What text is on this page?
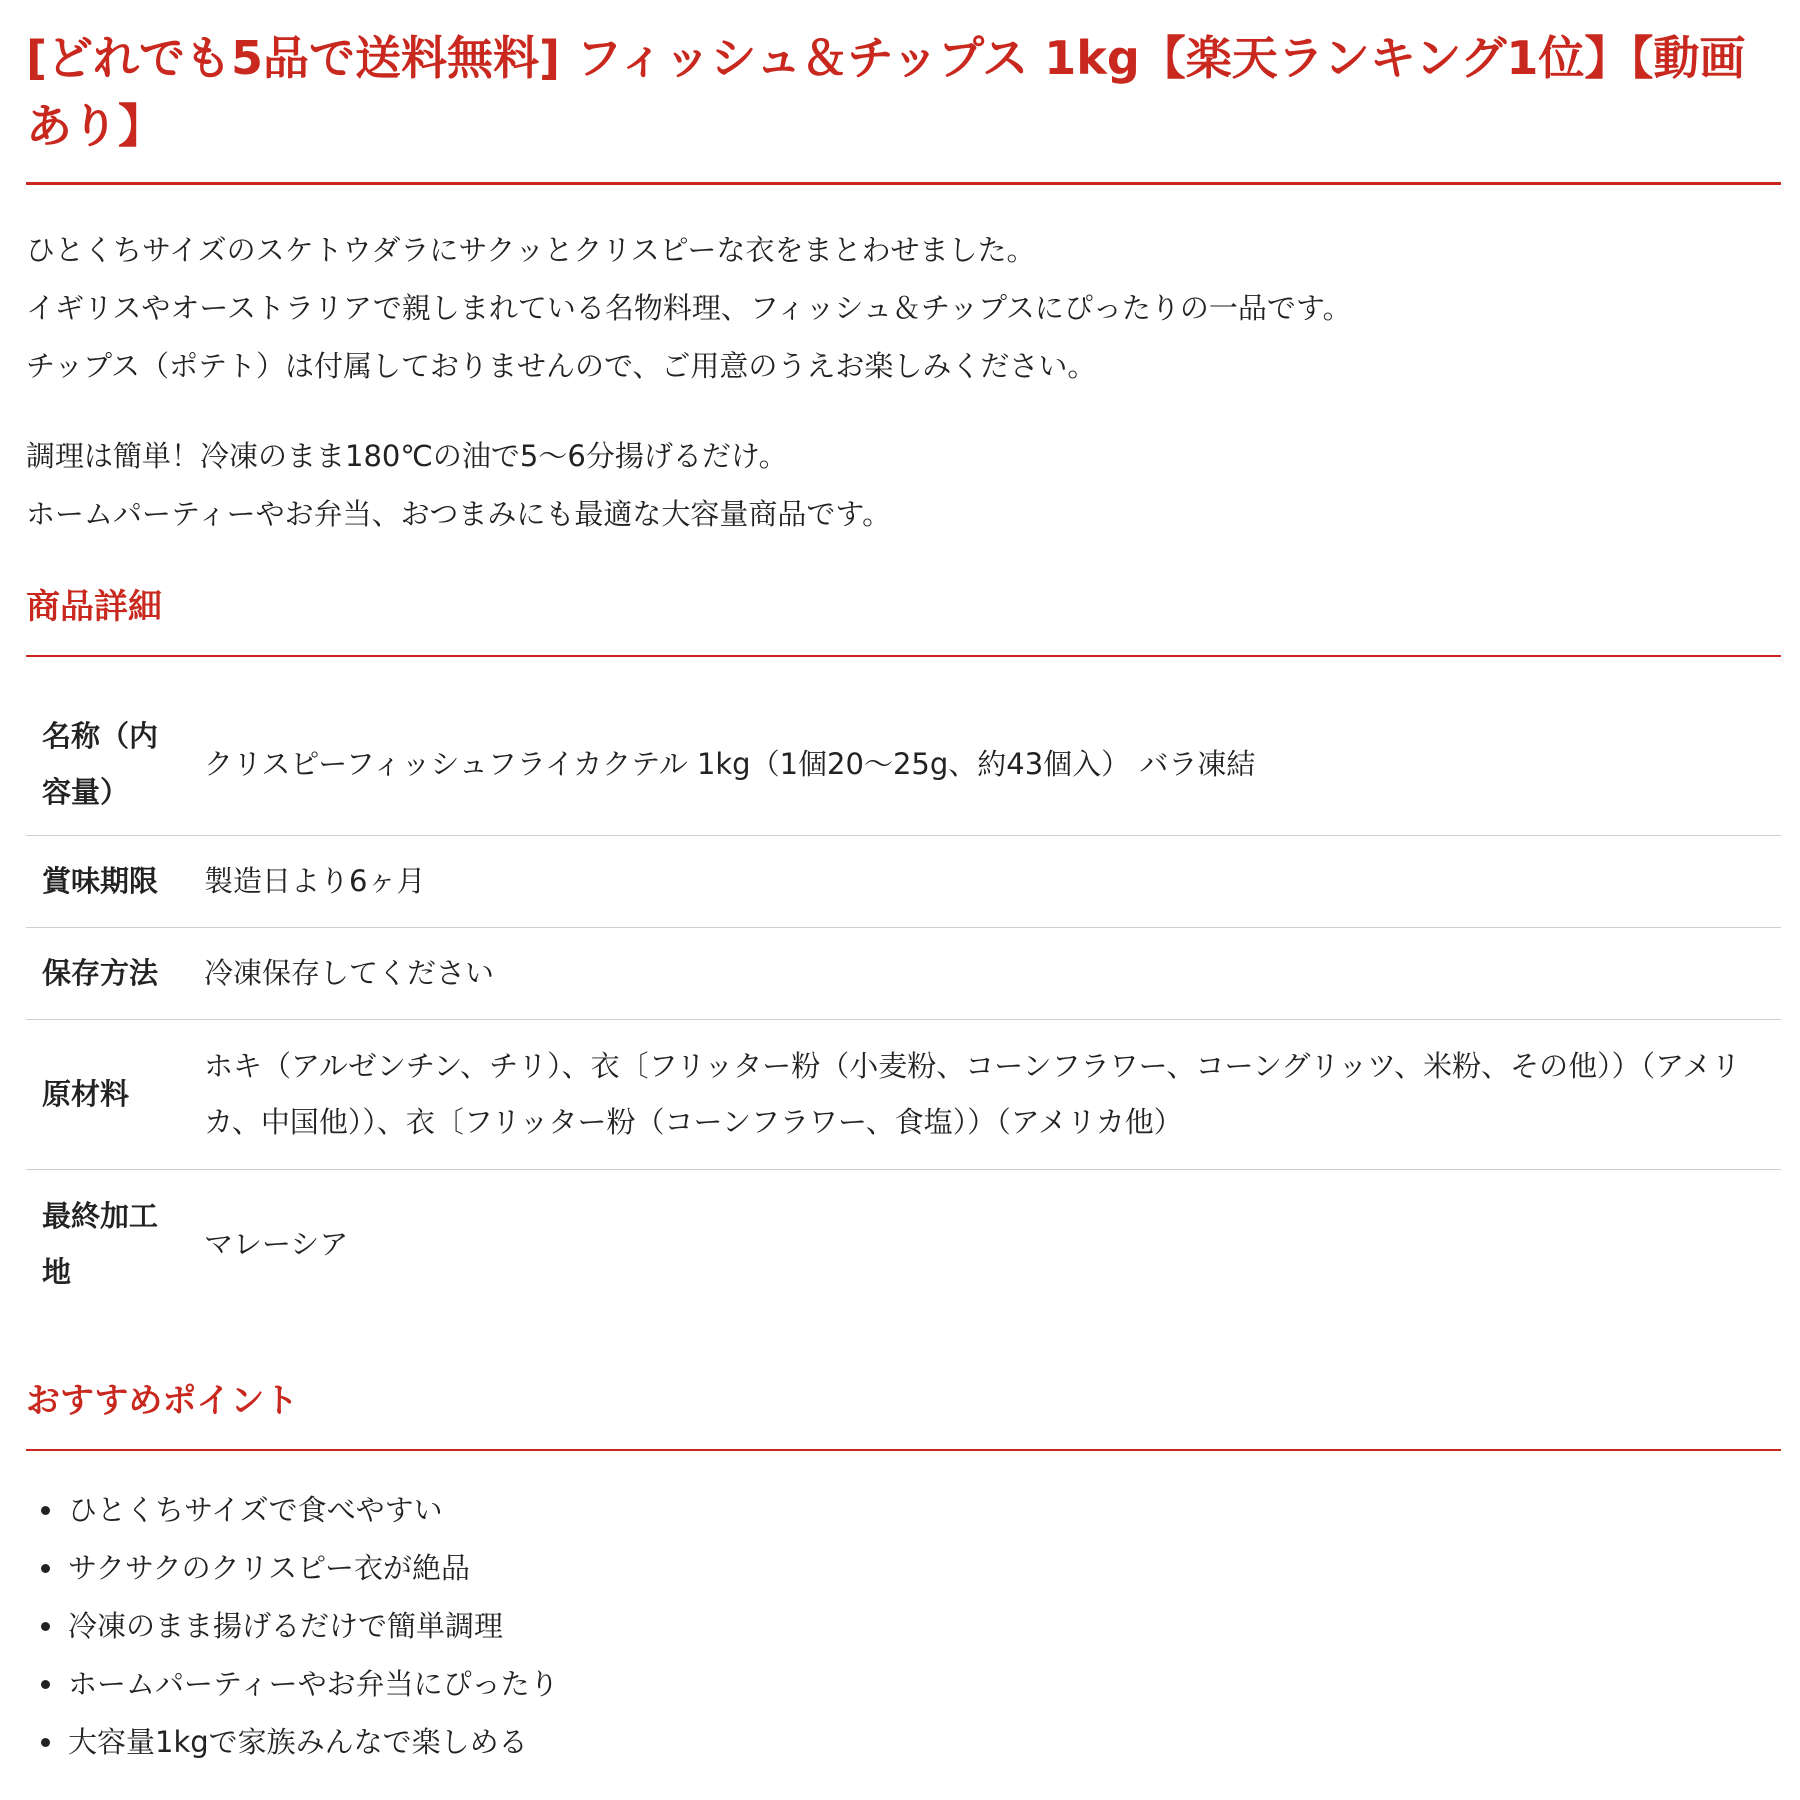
[どれでも5品で送料無料] フィッシュ＆チップス 1kg【楽天ランキング1位】【動画あり】

ひとくちサイズのスケトウダラにサクッとクリスピーな衣をまとわせました。

イギリスやオーストラリアで親しまれている名物料理、フィッシュ＆チップスにぴったりの一品です。

チップス（ポテト）は付属しておりませんので、ご用意のうえお楽しみください。

調理は簡単！冷凍のまま180℃の油で5〜6分揚げるだけ。

ホームパーティーやお弁当、おつまみにも最適な大容量商品です。

商品詳細
名称（内容量）	クリスピーフィッシュフライカクテル 1kg（1個20〜25g、約43個入） バラ凍結
賞味期限	製造日より6ヶ月
保存方法	冷凍保存してください
原材料	ホキ（アルゼンチン、チリ）、衣〔フリッター粉（小麦粉、コーンフラワー、コーングリッツ、米粉、その他））（アメリカ、中国他））、衣〔フリッター粉（コーンフラワー、食塩））（アメリカ他）
最終加工地	マレーシア
おすすめポイント
• ひとくちサイズで食べやすい
• サクサクのクリスピー衣が絶品
• 冷凍のまま揚げるだけで簡単調理
• ホームパーティーやお弁当にぴったり
• 大容量1kgで家族みんなで楽しめる
